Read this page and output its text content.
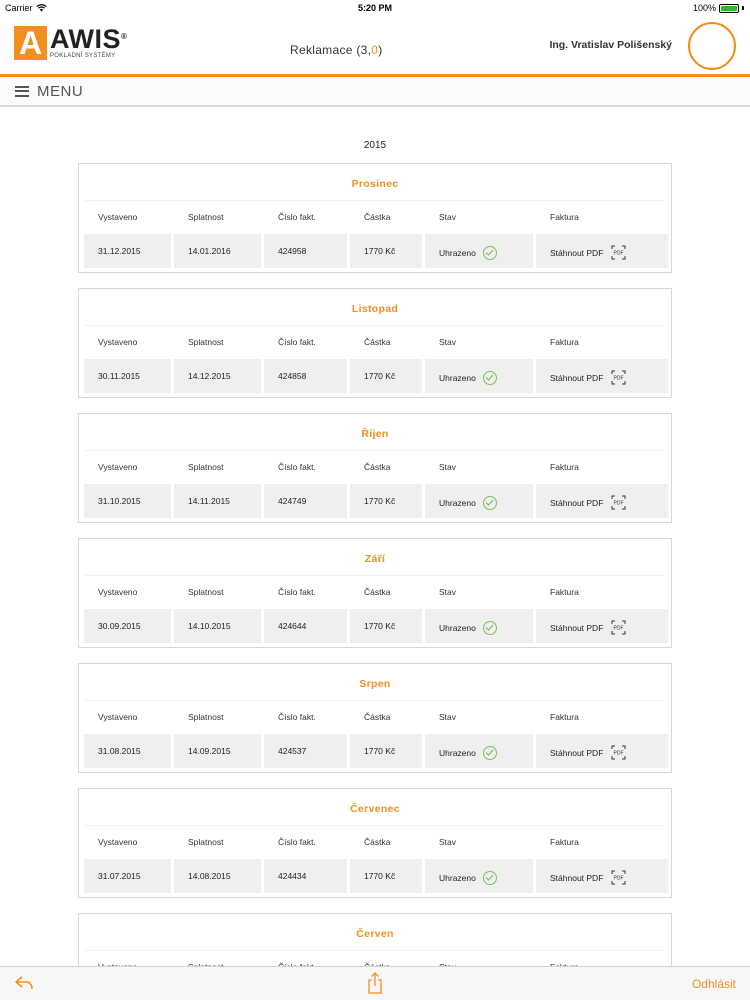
Carrier	5:20 PM	100%
A AWIS®
POKLADNÍ SYSTÉMY	Reklamace (3,0)	Ing. Vratislav Polišenský
MENU
2015
Prosinec
Vystaveno	Splatnost	Číslo fakt.	Částka	Stav	Faktura
31.12.2015	14.01.2016	424958	1770 Kč	Uhrazeno	Stáhnout PDF PDF
Listopad
Vystaveno	Splatnost	Číslo fakt.	Částka	Stav	Faktura
30.11.2015	14.12.2015	424858	1770 Kč	Uhrazeno	Stáhnout PDF PDF
Říjen
Vystaveno	Splatnost	Číslo fakt.	Částka	Stav	Faktura
31.10.2015	14.11.2015	424749	1770 Kč	Uhrazeno	Stáhnout PDF PDF
Září
Vystaveno	Splatnost	Číslo fakt.	Částka	Stav	Faktura
30.09.2015	14.10.2015	424644	1770 Kč	Uhrazeno	Stáhnout PDF PDF
Srpen
Vystaveno	Splatnost	Číslo fakt.	Částka	Stav	Faktura
31.08.2015	14.09.2015	424537	1770 Kč	Uhrazeno	Stáhnout PDF PDF
Červenec
Vystaveno	Splatnost	Číslo fakt.	Částka	Stav	Faktura
31.07.2015	14.08.2015	424434	1770 Kč	Uhrazeno	Stáhnout PDF PDF
Červen
Odhlásit
